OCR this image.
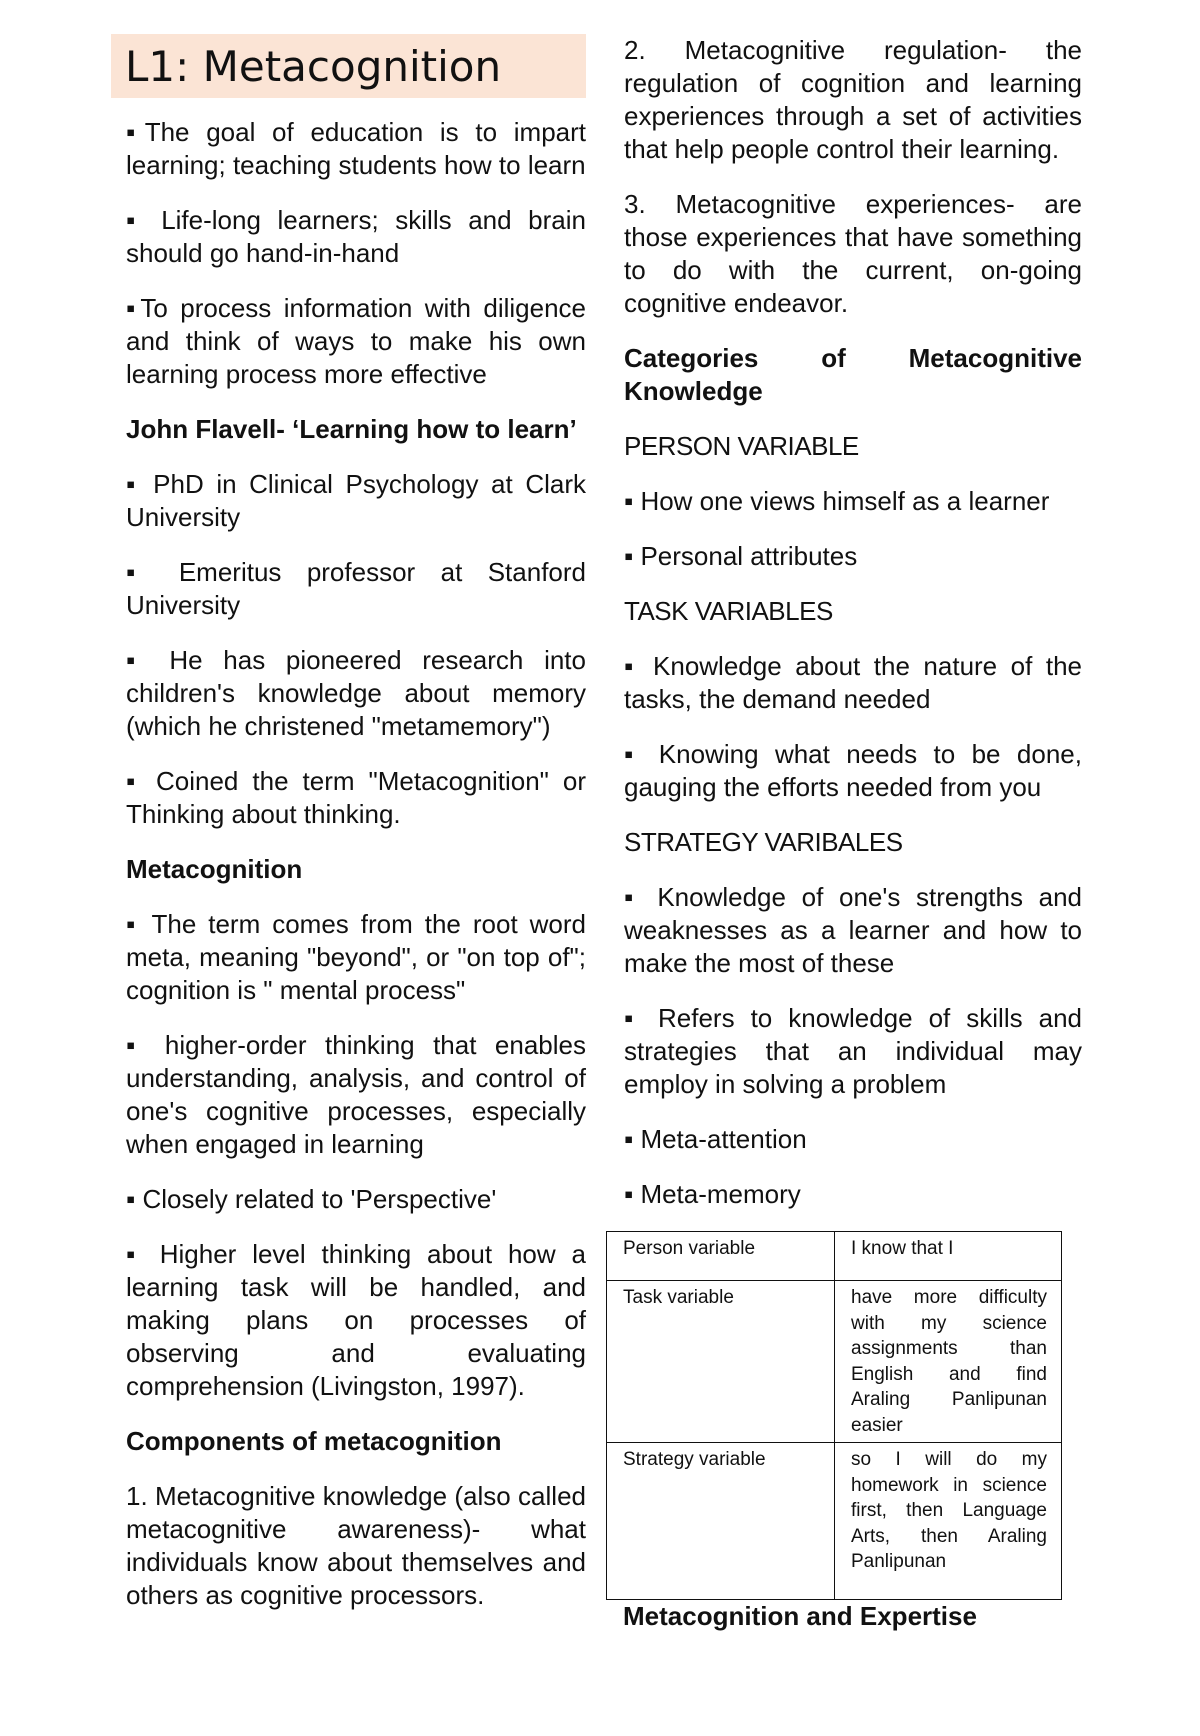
L1: Metacognition

▪The goal of education is to impart learning; teaching students how to learn

▪ Life-long learners; skills and brain should go hand-in-hand

▪To process information with diligence and think of ways to make his own learning process more effective

John Flavell- ‘Learning how to learn’

▪ PhD in Clinical Psychology at Clark University

▪ Emeritus professor at Stanford University

▪ He has pioneered research into children's knowledge about memory (which he christened "metamemory")

▪ Coined the term "Metacognition" or Thinking about thinking.

Metacognition

▪ The term comes from the root word meta, meaning "beyond", or "on top of"; cognition is " mental process"

▪ higher-order thinking that enables understanding, analysis, and control of one's cognitive processes, especially when engaged in learning

▪ Closely related to 'Perspective'

▪ Higher level thinking about how a learning task will be handled, and making plans on processes of observing and evaluating comprehension (Livingston, 1997).

Components of metacognition

1. Metacognitive knowledge (also called metacognitive awareness)- what individuals know about themselves and others as cognitive processors.

2. Metacognitive regulation- the regulation of cognition and learning experiences through a set of activities that help people control their learning.

3. Metacognitive experiences- are those experiences that have something to do with the current, on-going cognitive endeavor.

Categories of Metacognitive Knowledge

PERSON VARIABLE

▪ How one views himself as a learner

▪ Personal attributes

TASK VARIABLES

▪ Knowledge about the nature of the tasks, the demand needed

▪ Knowing what needs to be done, gauging the efforts needed from you

STRATEGY VARIBALES

▪ Knowledge of one's strengths and weaknesses as a learner and how to make the most of these

▪ Refers to knowledge of skills and strategies that an individual may employ in solving a problem

▪ Meta-attention

▪ Meta-memory

Person variable	I know that I
Task variable	have more difficulty with my science assignments than English and find Araling Panlipunan easier
Strategy variable	so I will do my homework in science first, then Language Arts, then Araling Panlipunan
Metacognition and Expertise
